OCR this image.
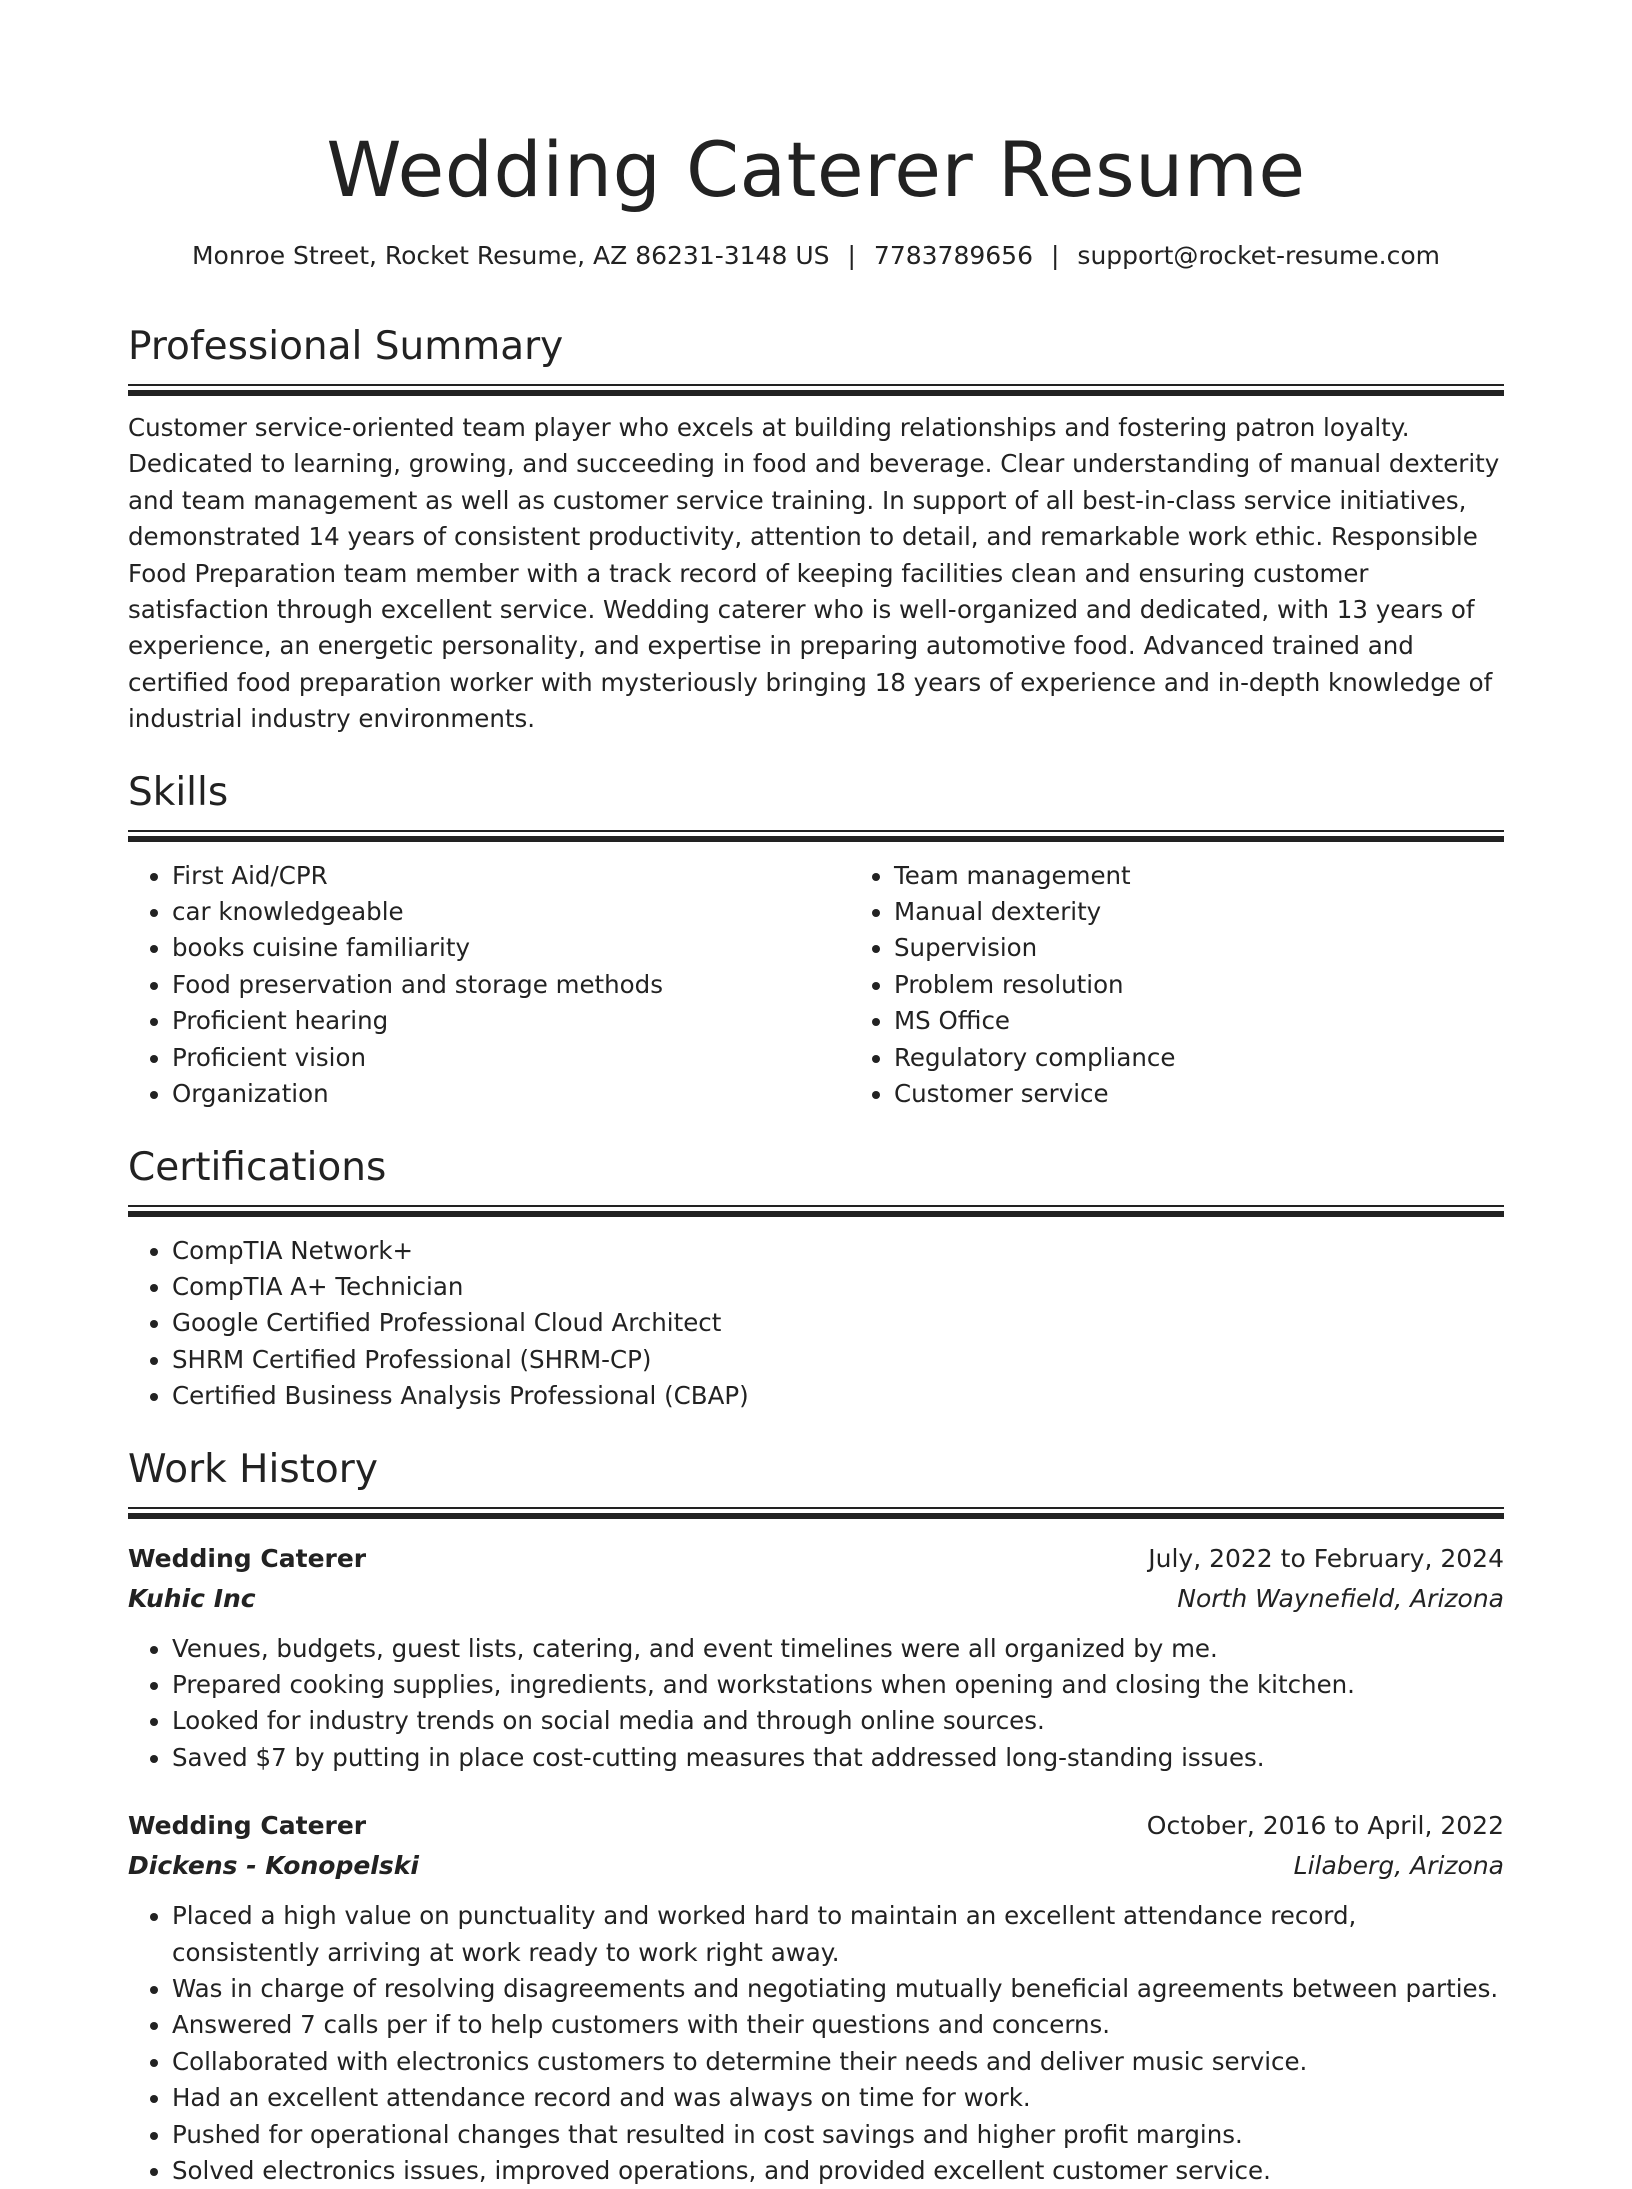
Wedding Caterer Resume
Monroe Street, Rocket Resume, AZ 86231-3148 US | 7783789656 | support@rocket-resume.com
Professional Summary

Customer service-oriented team player who excels at building relationships and fostering patron loyalty. Dedicated to learning, growing, and succeeding in food and beverage. Clear understanding of manual dexterity and team management as well as customer service training. In support of all best-in-class service initiatives, demonstrated 14 years of consistent productivity, attention to detail, and remarkable work ethic. Responsible Food Preparation team member with a track record of keeping facilities clean and ensuring customer satisfaction through excellent service. Wedding caterer who is well-organized and dedicated, with 13 years of experience, an energetic personality, and expertise in preparing automotive food. Advanced trained and certified food preparation worker with mysteriously bringing 18 years of experience and in-depth knowledge of industrial industry environments.

Skills
• First Aid/CPR
• car knowledgeable
• books cuisine familiarity
• Food preservation and storage methods
• Proficient hearing
• Proficient vision
• Organization
• Team management
• Manual dexterity
• Supervision
• Problem resolution
• MS Office
• Regulatory compliance
• Customer service
Certifications
• CompTIA Network+
• CompTIA A+ Technician
• Google Certified Professional Cloud Architect
• SHRM Certified Professional (SHRM-CP)
• Certified Business Analysis Professional (CBAP)
Work History
Wedding Caterer	July, 2022 to February, 2024
Kuhic Inc	North Waynefield, Arizona
• Venues, budgets, guest lists, catering, and event timelines were all organized by me.
• Prepared cooking supplies, ingredients, and workstations when opening and closing the kitchen.
• Looked for industry trends on social media and through online sources.
• Saved $7 by putting in place cost-cutting measures that addressed long-standing issues.
Wedding Caterer	October, 2016 to April, 2022
Dickens - Konopelski	Lilaberg, Arizona
• Placed a high value on punctuality and worked hard to maintain an excellent attendance record, consistently arriving at work ready to work right away.
• Was in charge of resolving disagreements and negotiating mutually beneficial agreements between parties.
• Answered 7 calls per if to help customers with their questions and concerns.
• Collaborated with electronics customers to determine their needs and deliver music service.
• Had an excellent attendance record and was always on time for work.
• Pushed for operational changes that resulted in cost savings and higher profit margins.
• Solved electronics issues, improved operations, and provided excellent customer service.
